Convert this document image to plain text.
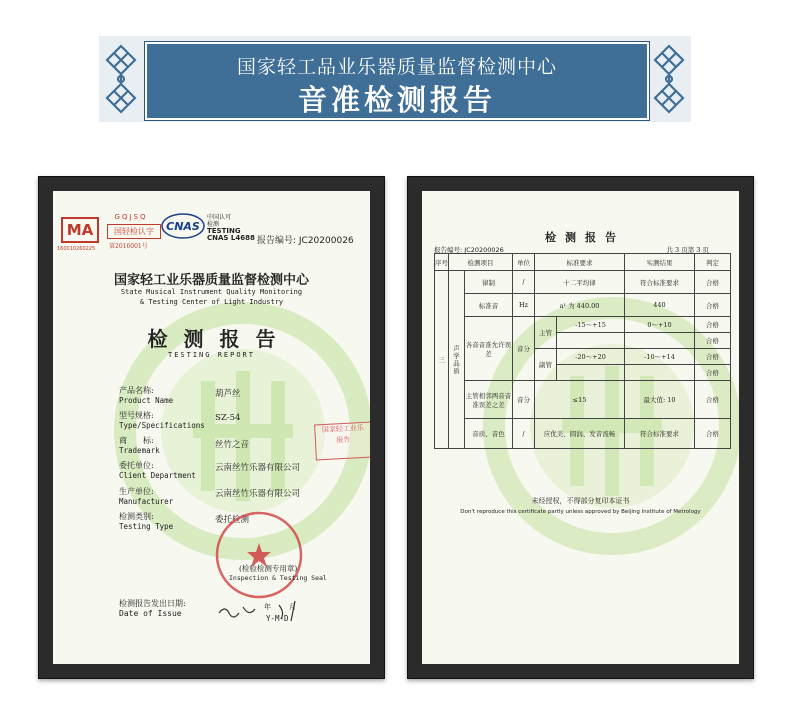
国家轻工品业乐器质量监督检测中心
音准检测报告
MA
160010260225
GQJSQ
国轻检认字
第2016001号
CNAS
中国认可
检测
TESTING
CNAS L4688 报告编号: JC20200026
国家轻工业乐器质量监督检测中心
State Musical Instrument Quality Monitoring
& Testing Center of Light Industry
检测报告
TESTING REPORT
产品名称:
Product Name
葫芦丝
型号规格:
Type/Specifications
SZ-54
商　　标:
Trademark
丝竹之音
委托单位:
Client Department
云南丝竹乐器有限公司
生产单位:
Manufacturer
云南丝竹乐器有限公司
检测类别:
Testing Type
委托检测
(检验检测专用章)
Inspection & Testing Seal
国家轻工业乐
报告
检测报告发出日期:
Date of Issue
年	月
Y-M-D
检测报告
报告编号: JC20200026	共 3 页第 3 页
序号	检测项目		单位	标准要求		实测结果	判定
三	声学品质	律制	/	十二平均律		符合标准要求	合格
		标准音	Hz	a¹ 为 440.00		440	合格
		各音音准允许误差	音分	主管	-15～+15	0～+10	合格
							合格
				副管	-20～+20	-10～+14	合格
							合格
		主管相邻两音音准误差之差	音分	≤15		最大值: 10	合格
		音质、音色	/	应优美、圆润、发音流畅		符合标准要求	合格
未经授权，不得部分复印本证书
Don't reproduce this certificate partly unless approved by Beijing Institute of Metrology
